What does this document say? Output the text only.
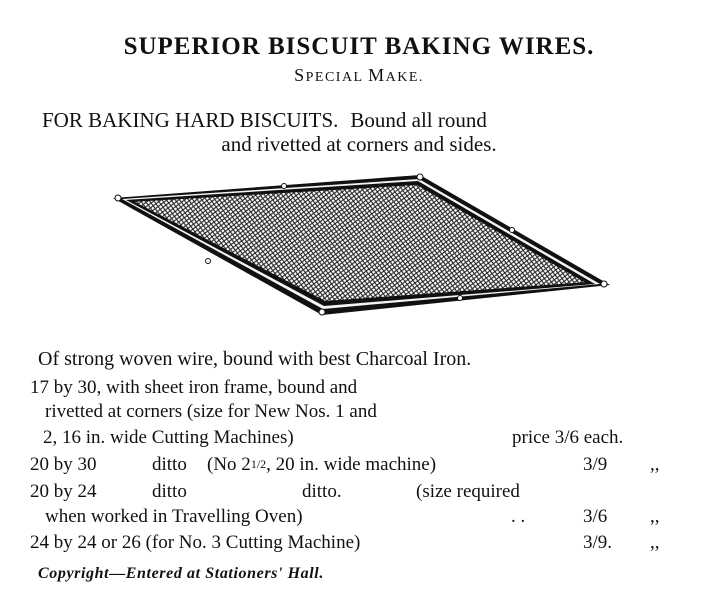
SUPERIOR BISCUIT BAKING WIRES.
SPECIAL MAKE.
FOR BAKING HARD BISCUITS. Bound all round
and rivetted at corners and sides.
Of strong woven wire, bound with best Charcoal Iron.
17 by 30, with sheet iron frame, bound and
rivetted at corners (size for New Nos. 1 and
2, 16 in. wide Cutting Machines)	price 3/6 each.
20 by 30	ditto (No 21/2, 20 in. wide machine)	3/9 ,,
20 by 24	ditto	ditto.	(size required
when worked in Travelling Oven)	. .	3/6 ,,
24 by 24 or 26 (for No. 3 Cutting Machine)	3/9. ,,
Copyright—Entered at Stationers' Hall.
